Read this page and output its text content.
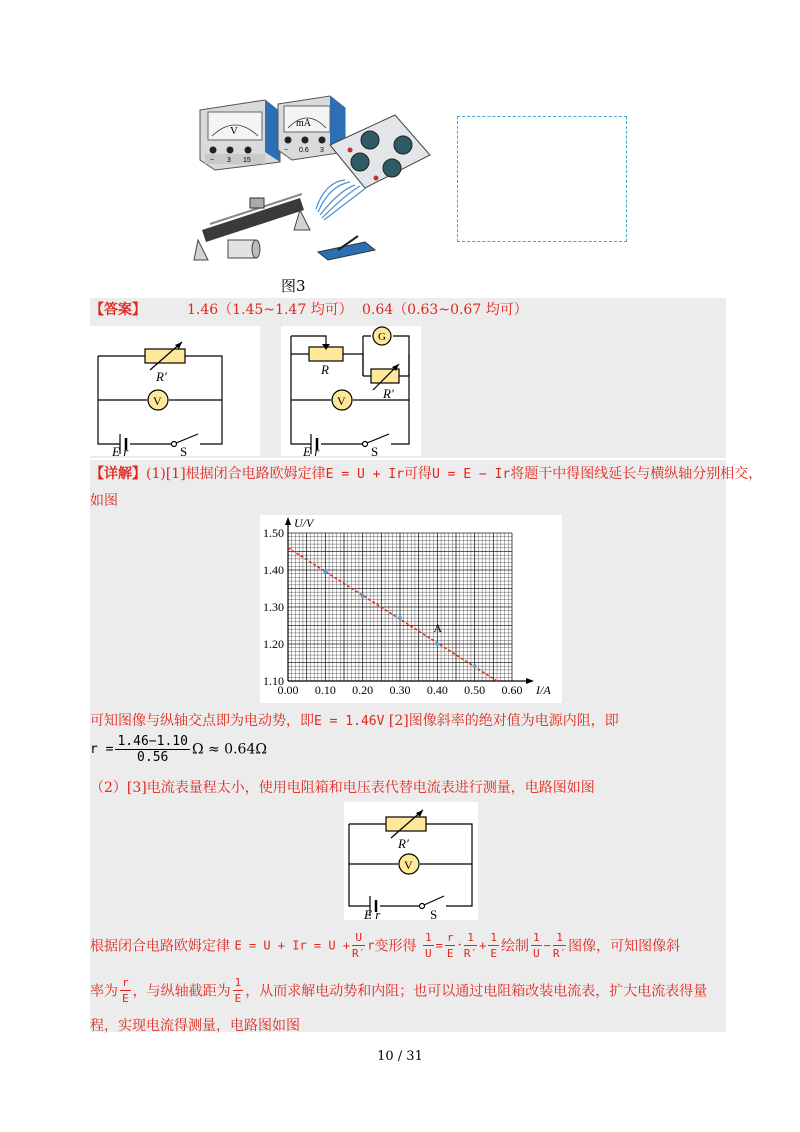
V
− 3 15
mA
− 0.6 3
图3
【答案】	1.46（1.45~1.47 均可） 0.64（0.63~0.67 均可）
R′
V
E r	S
R
G
R′
V
E r	S
【详解】(1)[1]根据闭合电路欧姆定律E = U + Ir可得U = E − Ir将题干中得图线延长与横纵轴分别相交，
如图
0.00 0.10 0.20 0.30 0.40 0.50 0.60
1.10
1.20
1.30
1.40
1.50
U/V
I/A
A
可知图像与纵轴交点即为电动势，即E = 1.46V [2]图像斜率的绝对值为电源内阻，即
$r = \frac{1.46-1.10}{0.56}$ Ω ≈ 0.64Ω
（2）[3]电流表量程太小，使用电阻箱和电压表代替电流表进行测量，电路图如图
R′
V
E r	S
根据闭合电路欧姆定律 $E = U + Ir = U + \frac{U}{R'}$ r变形得 $\frac{1}{U} = \frac{r}{E} \cdot \frac{1}{R'} + \frac{1}{E}$ 绘制 $\frac{1}{U} - \frac{1}{R'}$ 图像，可知图像斜
率为 $\frac{r}{E}$ ，与纵轴截距为 $\frac{1}{E}$ ，从而求解电动势和内阻；也可以通过电阻箱改装电流表，扩大电流表得量
程，实现电流得测量，电路图如图
10 / 31
